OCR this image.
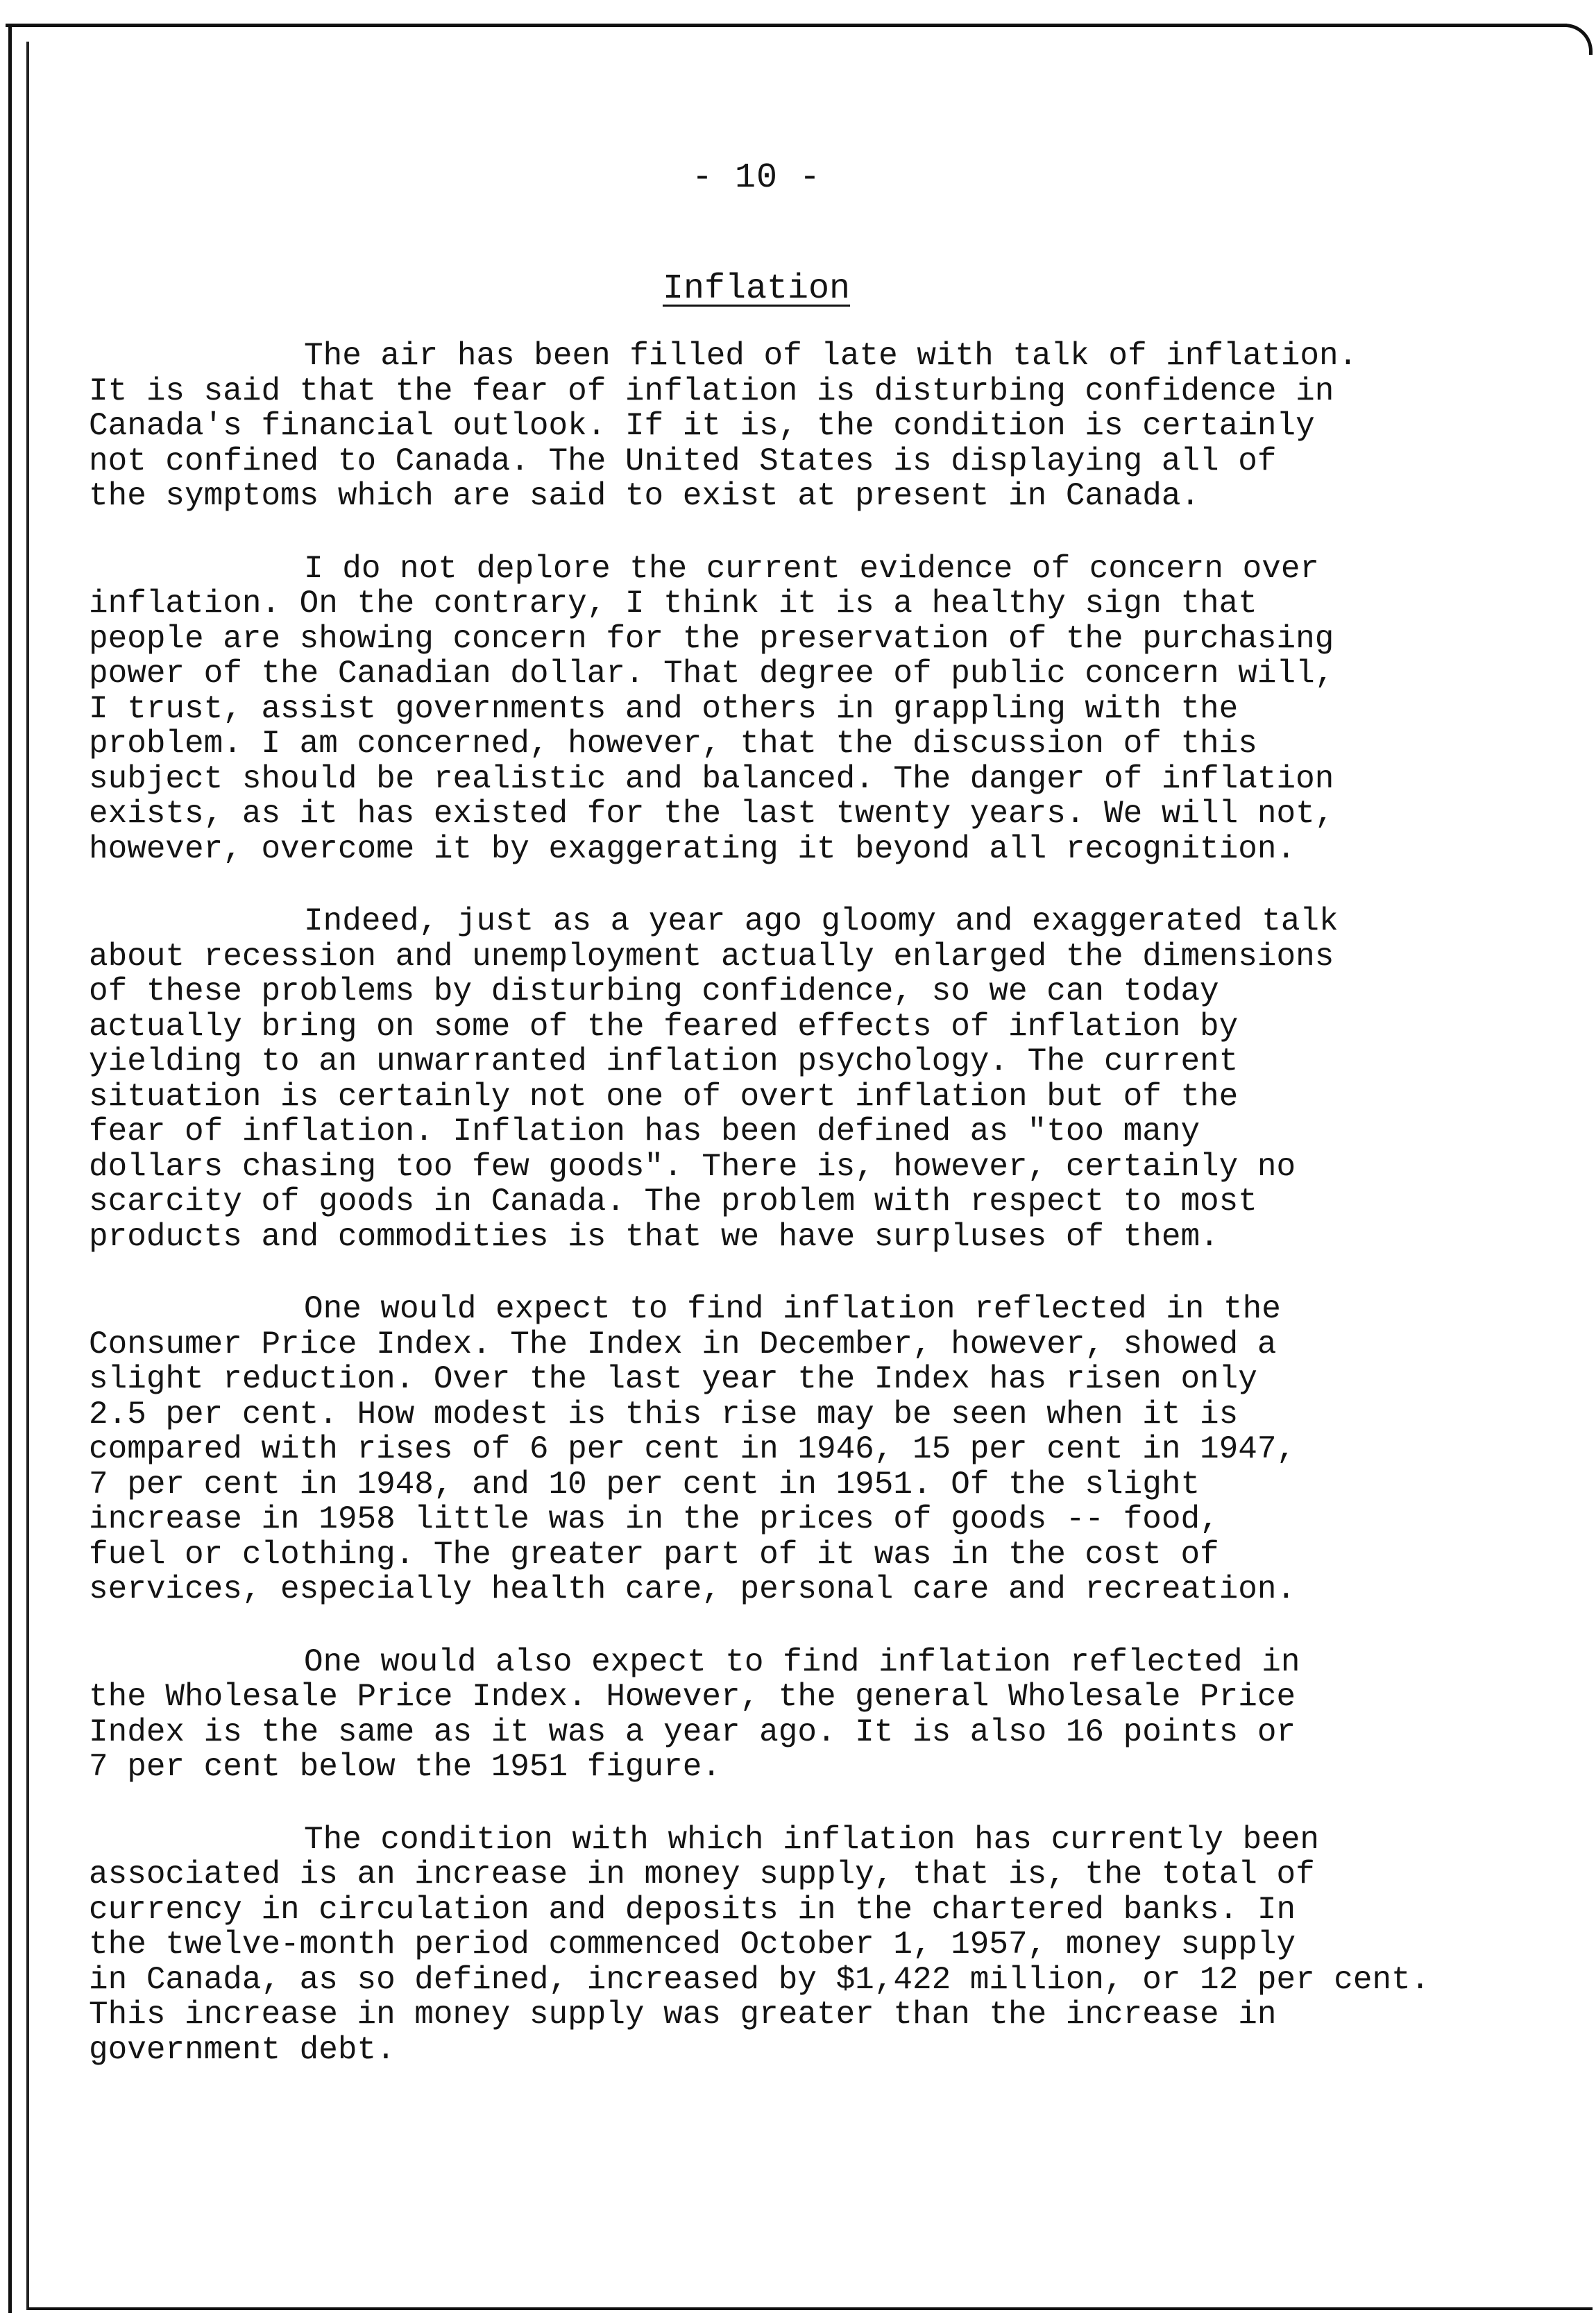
- 10 -
Inflation

The air has been filled of late with talk of inflation.
It is said that the fear of inflation is disturbing confidence in
Canada's financial outlook. If it is, the condition is certainly
not confined to Canada. The United States is displaying all of
the symptoms which are said to exist at present in Canada.

I do not deplore the current evidence of concern over
inflation. On the contrary, I think it is a healthy sign that
people are showing concern for the preservation of the purchasing
power of the Canadian dollar. That degree of public concern will,
I trust, assist governments and others in grappling with the
problem. I am concerned, however, that the discussion of this
subject should be realistic and balanced. The danger of inflation
exists, as it has existed for the last twenty years. We will not,
however, overcome it by exaggerating it beyond all recognition.

Indeed, just as a year ago gloomy and exaggerated talk
about recession and unemployment actually enlarged the dimensions
of these problems by disturbing confidence, so we can today
actually bring on some of the feared effects of inflation by
yielding to an unwarranted inflation psychology. The current
situation is certainly not one of overt inflation but of the
fear of inflation. Inflation has been defined as "too many
dollars chasing too few goods". There is, however, certainly no
scarcity of goods in Canada. The problem with respect to most
products and commodities is that we have surpluses of them.

One would expect to find inflation reflected in the
Consumer Price Index. The Index in December, however, showed a
slight reduction. Over the last year the Index has risen only
2.5 per cent. How modest is this rise may be seen when it is
compared with rises of 6 per cent in 1946, 15 per cent in 1947,
7 per cent in 1948, and 10 per cent in 1951. Of the slight
increase in 1958 little was in the prices of goods -- food,
fuel or clothing. The greater part of it was in the cost of
services, especially health care, personal care and recreation.

One would also expect to find inflation reflected in
the Wholesale Price Index. However, the general Wholesale Price
Index is the same as it was a year ago. It is also 16 points or
7 per cent below the 1951 figure.

The condition with which inflation has currently been
associated is an increase in money supply, that is, the total of
currency in circulation and deposits in the chartered banks. In
the twelve-month period commenced October 1, 1957, money supply
in Canada, as so defined, increased by $1,422 million, or 12 per cent.
This increase in money supply was greater than the increase in
government debt.
